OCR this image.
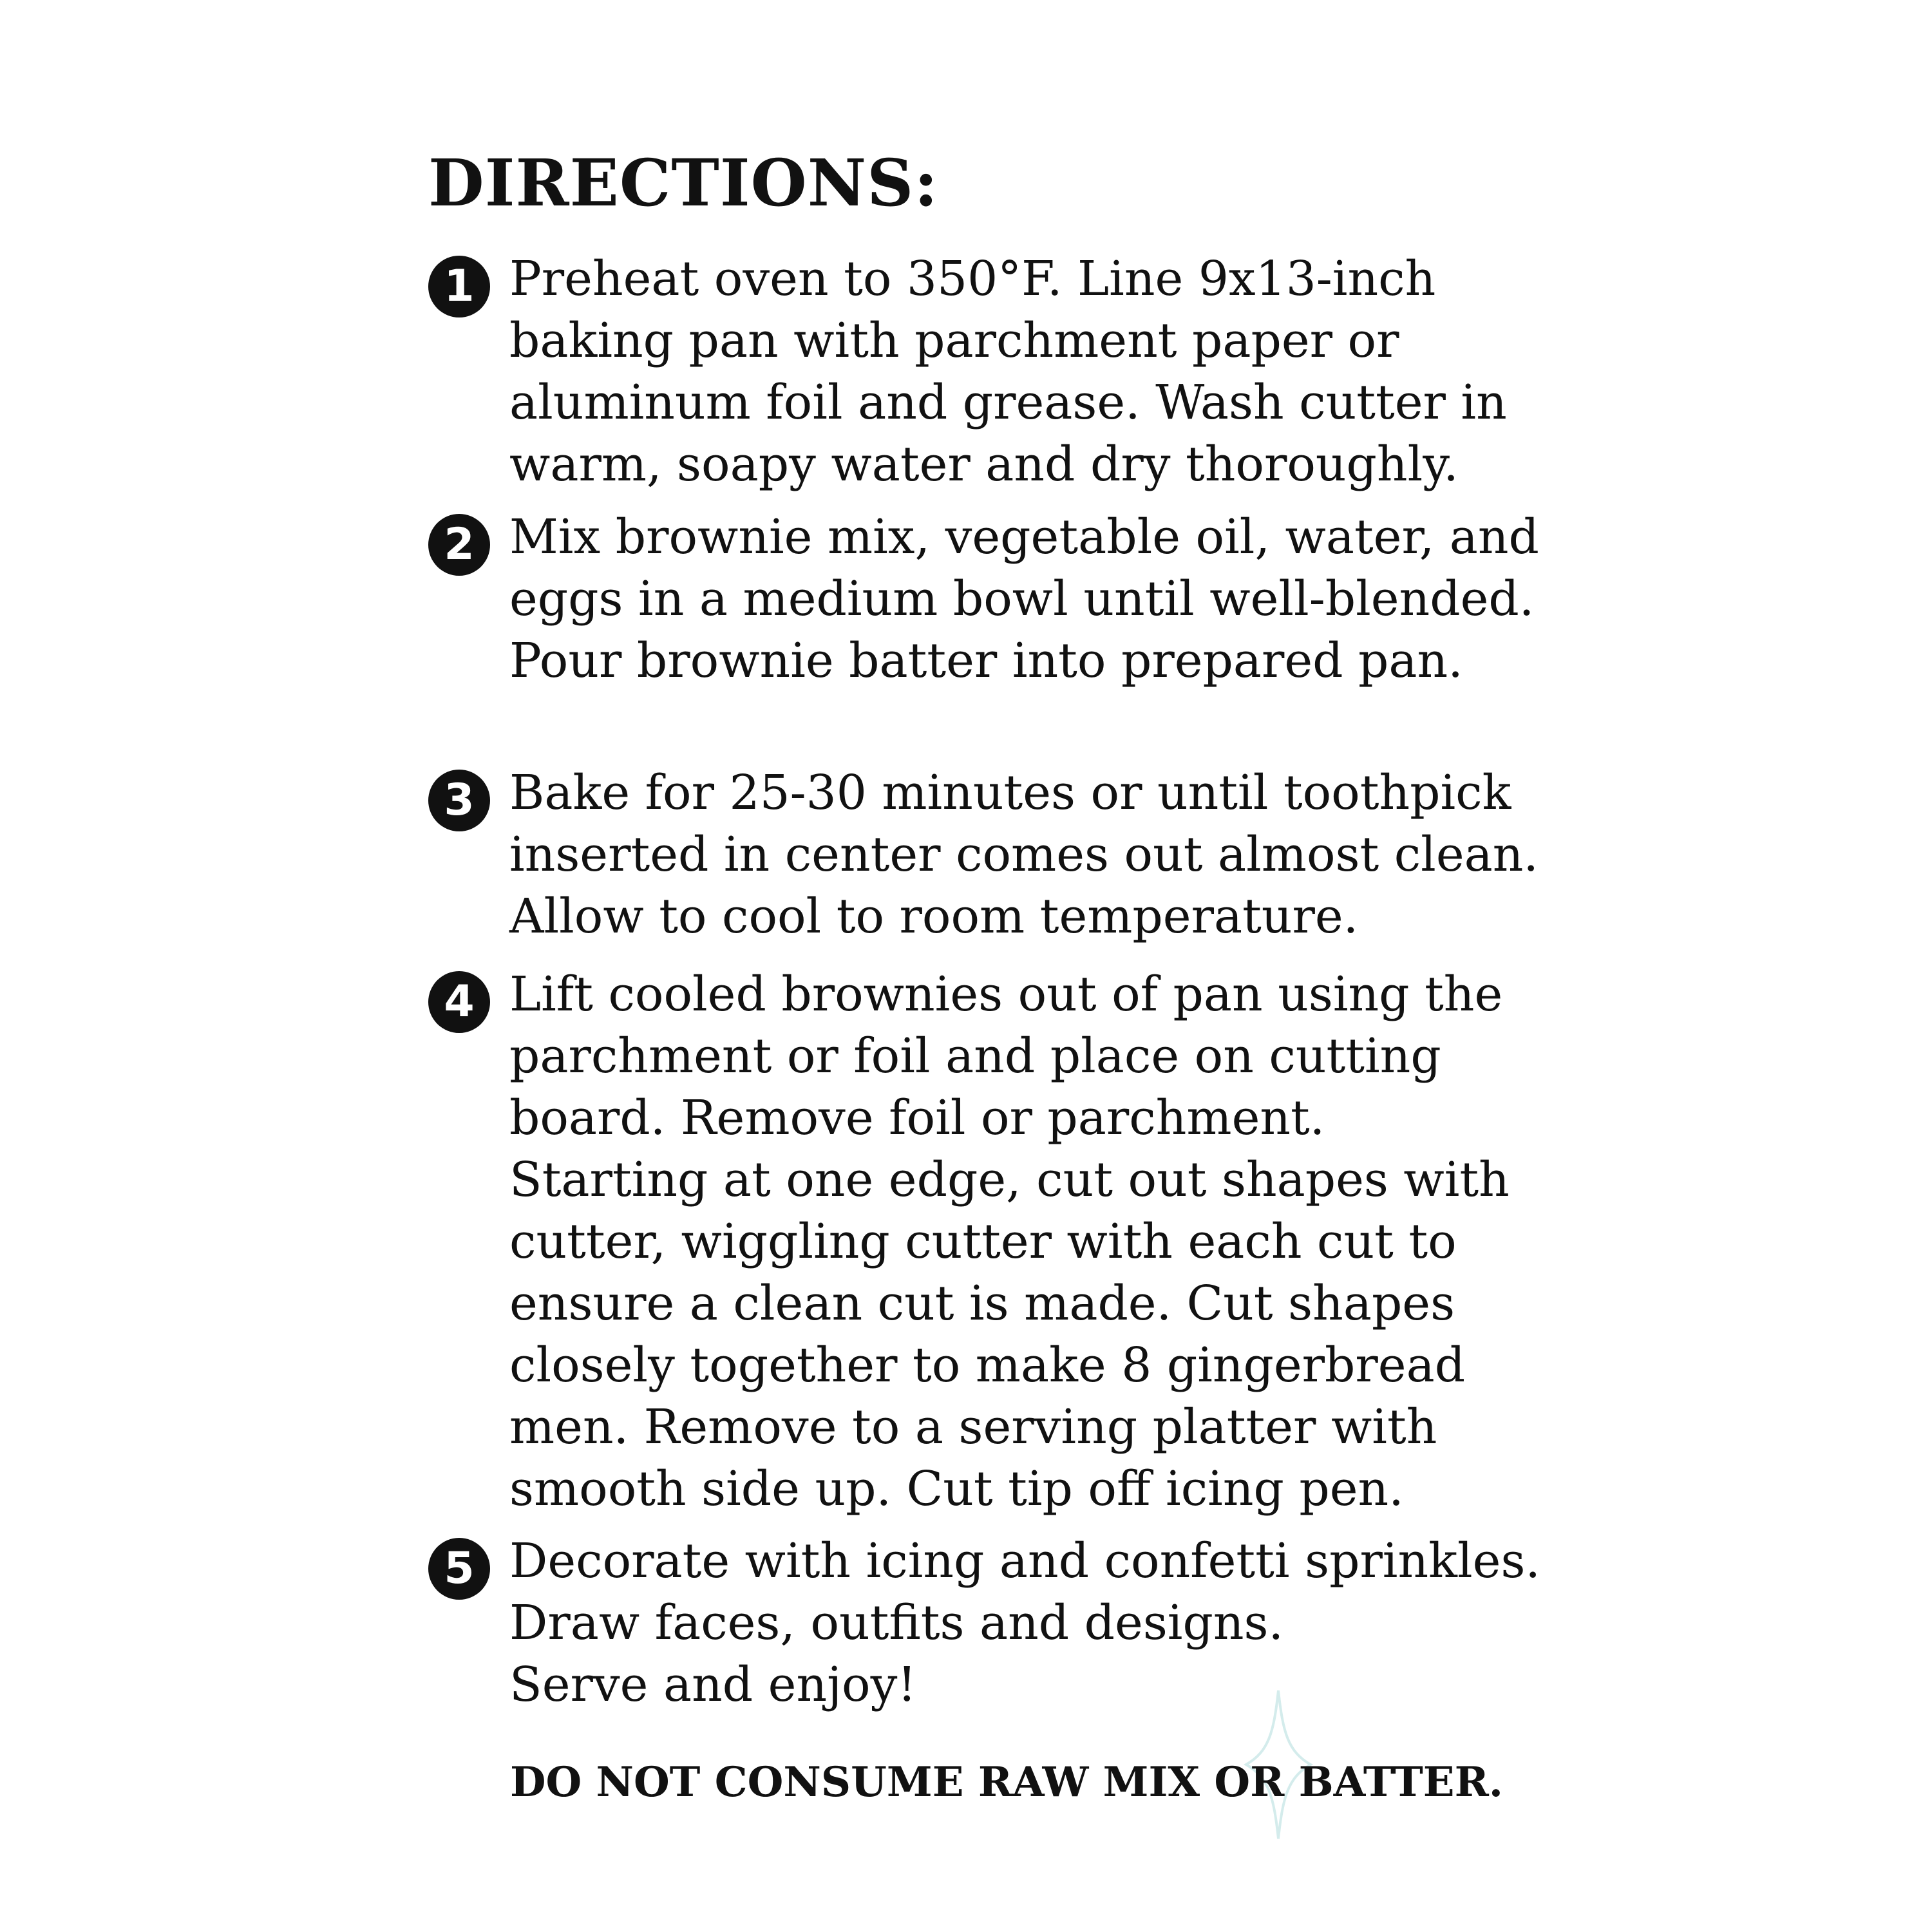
DIRECTIONS:
1 Preheat oven to 350°F. Line 9x13-inch
baking pan with parchment paper or
aluminum foil and grease. Wash cutter in
warm, soapy water and dry thoroughly.
2 Mix brownie mix, vegetable oil, water, and
eggs in a medium bowl until well-blended.
Pour brownie batter into prepared pan.
3 Bake for 25-30 minutes or until toothpick
inserted in center comes out almost clean.
Allow to cool to room temperature.
4 Lift cooled brownies out of pan using the
parchment or foil and place on cutting
board. Remove foil or parchment.
Starting at one edge, cut out shapes with
cutter, wiggling cutter with each cut to
ensure a clean cut is made. Cut shapes
closely together to make 8 gingerbread
men. Remove to a serving platter with
smooth side up. Cut tip off icing pen.
5 Decorate with icing and confetti sprinkles.
Draw faces, outfits and designs.
Serve and enjoy!

DO NOT CONSUME RAW MIX OR BATTER.
